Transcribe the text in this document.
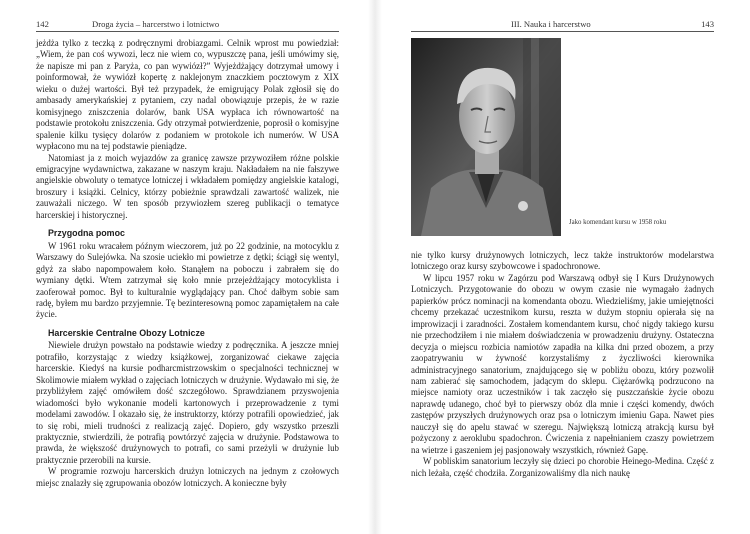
142	Droga życia – harcerstwo i lotnictwo

jeżdża tylko z teczką z podręcznymi drobiazgami. Celnik wprost mu powiedział: „Wiem, że pan coś wywozi, lecz nie wiem co, wypuszczę pana, jeśli umówimy się, że napisze mi pan z Paryża, co pan wywiózł?” Wyjeżdżający dotrzymał umowy i poinformował, że wywiózł kopertę z naklejonym znaczkiem pocztowym z XIX wieku o dużej wartości. Był też przypadek, że emigrujący Polak zgłosił się do ambasady amerykańskiej z pytaniem, czy nadal obowiązuje przepis, że w razie komisyjnego zniszczenia dolarów, bank USA wypłaca ich równowartość na podstawie protokołu zniszczenia. Gdy otrzymał potwierdzenie, poprosił o komisyjne spalenie kilku tysięcy dolarów z podaniem w protokole ich numerów. W USA wypłacono mu na tej podstawie pieniądze.

Natomiast ja z moich wyjazdów za granicę zawsze przywoziłem różne polskie emigracyjne wydawnictwa, zakazane w naszym kraju. Nakładałem na nie fałszywe angielskie obwoluty o tematyce lotniczej i wkładałem pomiędzy angielskie katalogi, broszury i książki. Celnicy, którzy pobieżnie sprawdzali zawartość walizek, nie zauważali niczego. W ten sposób przywiozłem szereg publikacji o tematyce harcerskiej i historycznej.

Przygodna pomoc

W 1961 roku wracałem późnym wieczorem, już po 22 godzinie, na motocyklu z Warszawy do Sulejówka. Na szosie uciekło mi powietrze z dętki; ściągł się wentyl, gdyż za słabo napompowałem koło. Stanąłem na poboczu i zabrałem się do wymiany dętki. Wtem zatrzymał się koło mnie przejeżdżający motocyklista i zaoferował pomoc. Był to kulturalnie wyglądający pan. Choć dałbym sobie sam radę, byłem mu bardzo przyjemnie. Tę bezinteresowną pomoc zapamiętałem na całe życie.

Harcerskie Centralne Obozy Lotnicze

Niewiele drużyn powstało na podstawie wiedzy z podręcznika. A jeszcze mniej potrafiło, korzystając z wiedzy książkowej, zorganizować ciekawe zajęcia harcerskie. Kiedyś na kursie podharcmistrzowskim o specjalności technicznej w Skolimowie miałem wykład o zajęciach lotniczych w drużynie. Wydawało mi się, że przybliżyłem zajęć omówiłem dość szczegółowo. Sprawdzianem przyswojenia wiadomości było wykonanie modeli kartonowych i przeprowadzenie z tymi modelami zawodów. I okazało się, że instruktorzy, którzy potrafili opowiedzieć, jak to się robi, mieli trudności z realizacją zajęć. Dopiero, gdy wszystko przeszli praktycznie, stwierdzili, że potrafią powtórzyć zajęcia w drużynie. Podstawowa to prawda, że większość drużynowych to potrafi, co sami przeżyli w drużynie lub praktycznie przerobili na kursie.

W programie rozwoju harcerskich drużyn lotniczych na jednym z czołowych miejsc znalazły się zgrupowania obozów lotniczych. A konieczne były

III. Nauka i harcerstwo	143
Jako komendant kursu w 1958 roku

nie tylko kursy drużynowych lotniczych, lecz także instruktorów modelarstwa lotniczego oraz kursy szybowcowe i spadochronowe.

W lipcu 1957 roku w Zagórzu pod Warszawą odbył się I Kurs Drużynowych Lotniczych. Przygotowanie do obozu w owym czasie nie wymagało żadnych papierków prócz nominacji na komendanta obozu. Wiedzieliśmy, jakie umiejętności chcemy przekazać uczestnikom kursu, reszta w dużym stopniu opierała się na improwizacji i zaradności. Zostałem komendantem kursu, choć nigdy takiego kursu nie przechodziłem i nie miałem doświadczenia w prowadzeniu drużyny. Ostateczna decyzja o miejscu rozbicia namiotów zapadła na kilka dni przed obozem, a przy zaopatrywaniu w żywność korzystaliśmy z życzliwości kierownika administracyjnego sanatorium, znajdującego się w pobliżu obozu, który pozwolił nam zabierać się samochodem, jadącym do sklepu. Ciężarówką podrzucono na miejsce namioty oraz uczestników i tak zaczęło się puszczańskie życie obozu naprawdę udanego, choć był to pierwszy obóz dla mnie i części komendy, dwóch zastępów przyszłych drużynowych oraz psa o lotniczym imieniu Gapa. Nawet pies nauczył się do apelu stawać w szeregu. Największą lotniczą atrakcją kursu był pożyczony z aeroklubu spadochron. Ćwiczenia z napełnianiem czaszy powietrzem na wietrze i gaszeniem jej pasjonowały wszystkich, również Gapę.

W pobliskim sanatorium leczyły się dzieci po chorobie Heinego-Medina. Część z nich leżała, część chodziła. Zorganizowaliśmy dla nich naukę
